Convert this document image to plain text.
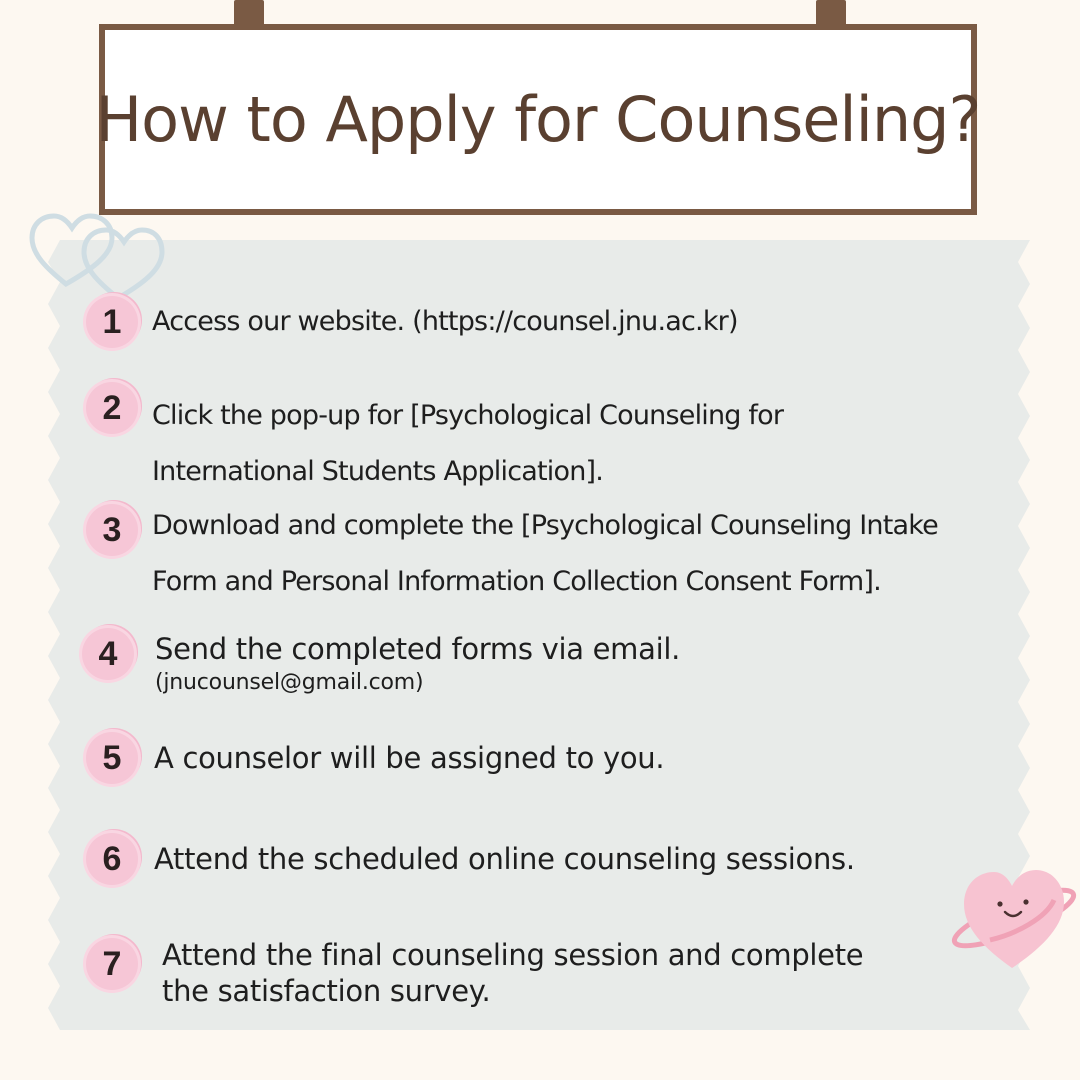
How to Apply for Counseling?
1	Access our website. (https://counsel.jnu.ac.kr)
2	Click the pop-up for [Psychological Counseling for
International Students Application].
3	Download and complete the [Psychological Counseling Intake
Form and Personal Information Collection Consent Form].
4	Send the completed forms via email.
(jnucounsel@gmail.com)
5	A counselor will be assigned to you.
6	Attend the scheduled online counseling sessions.
7	Attend the final counseling session and complete
the satisfaction survey.
